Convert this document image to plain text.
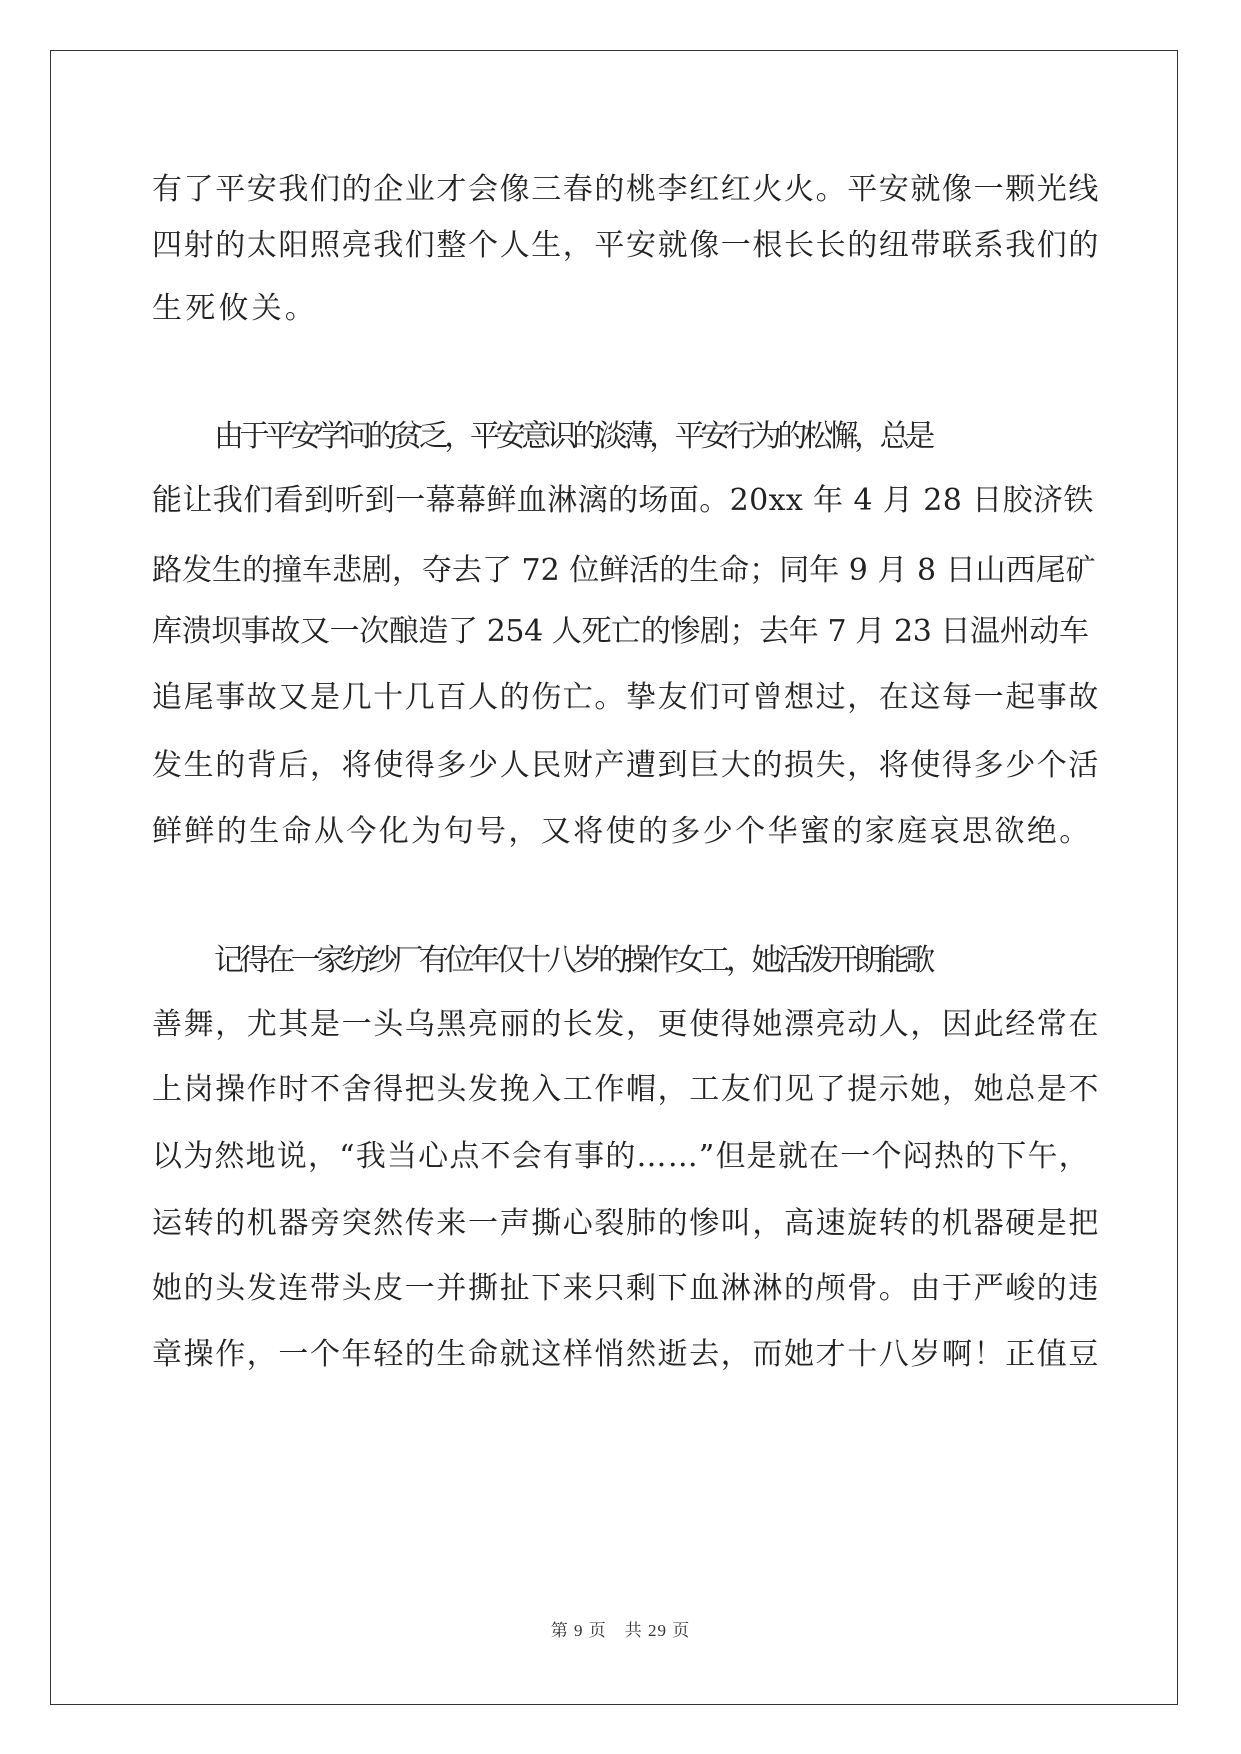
有了平安我们的企业才会像三春的桃李红红火火。平安就像一颗光线
四射的太阳照亮我们整个人生，平安就像一根长长的纽带联系我们的
生死攸关。
由于平安学问的贫乏，平安意识的淡薄，平安行为的松懈，总是
能让我们看到听到一幕幕鲜血淋漓的场面。20xx 年 4 月 28 日胶济铁
路发生的撞车悲剧，夺去了 72 位鲜活的生命；同年 9 月 8 日山西尾矿
库溃坝事故又一次酿造了 254 人死亡的惨剧；去年 7 月 23 日温州动车
追尾事故又是几十几百人的伤亡。挚友们可曾想过，在这每一起事故
发生的背后，将使得多少人民财产遭到巨大的损失，将使得多少个活
鲜鲜的生命从今化为句号，又将使的多少个华蜜的家庭哀思欲绝。
记得在一家纺纱厂有位年仅十八岁的操作女工，她活泼开朗能歌
善舞，尤其是一头乌黑亮丽的长发，更使得她漂亮动人，因此经常在
上岗操作时不舍得把头发挽入工作帽，工友们见了提示她，她总是不
以为然地说，“我当心点不会有事的……”但是就在一个闷热的下午，
运转的机器旁突然传来一声撕心裂肺的惨叫，高速旋转的机器硬是把
她的头发连带头皮一并撕扯下来只剩下血淋淋的颅骨。由于严峻的违
章操作，一个年轻的生命就这样悄然逝去，而她才十八岁啊！正值豆
第 9 页 共 29 页
